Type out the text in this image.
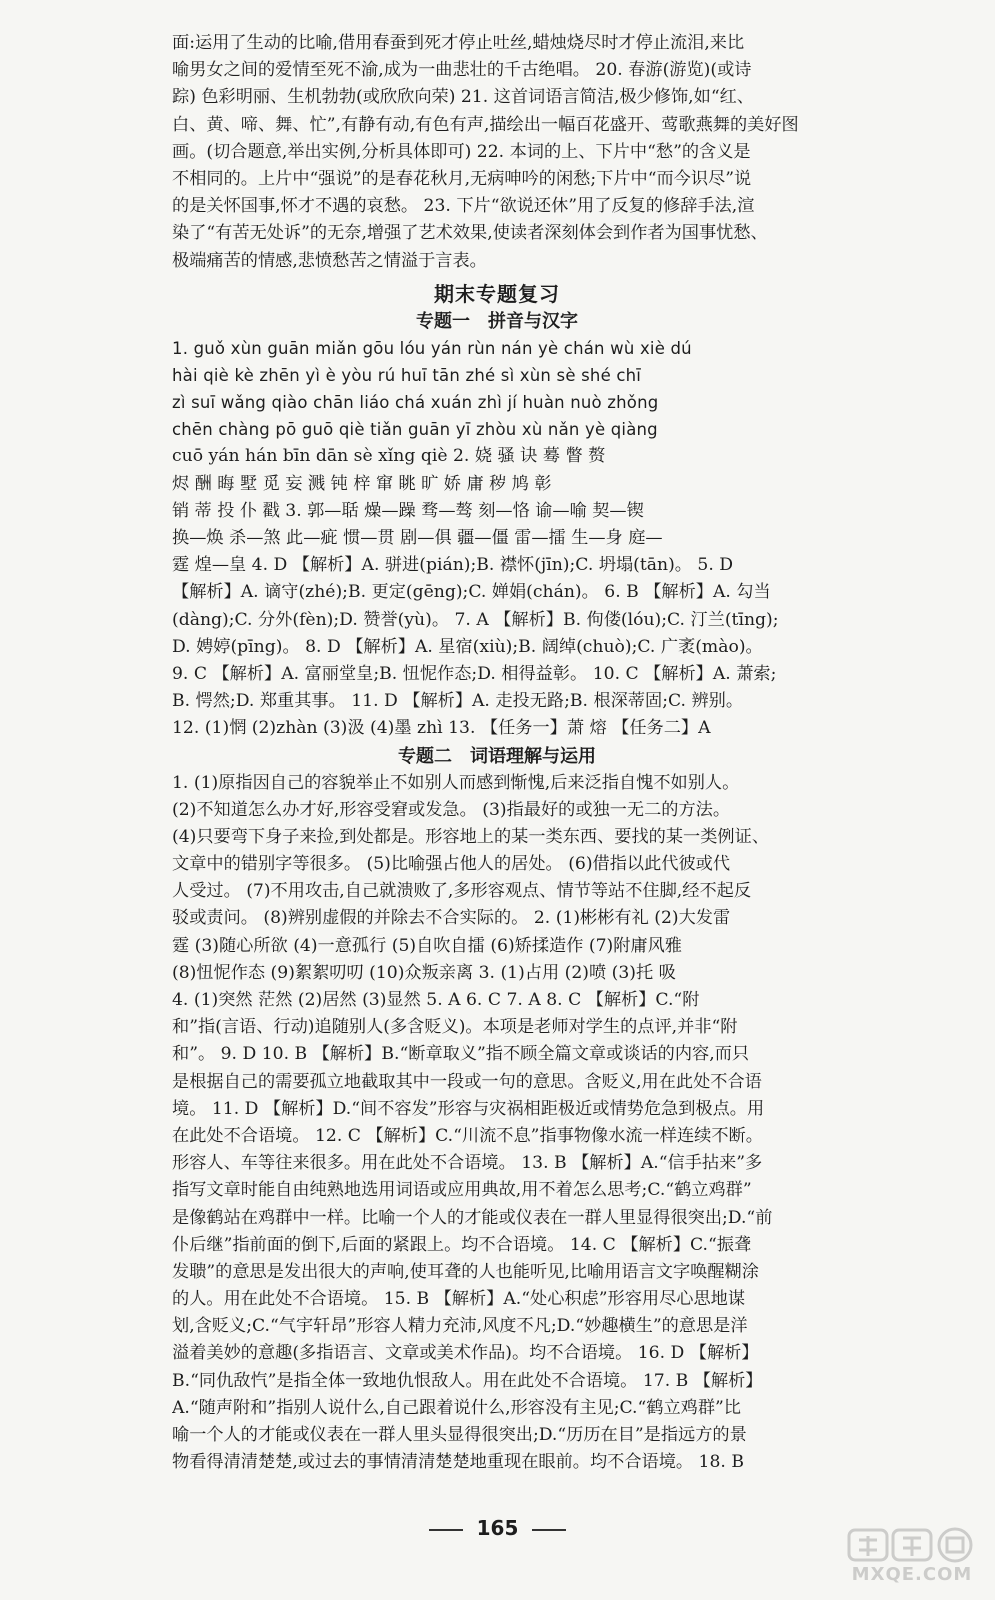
面:运用了生动的比喻,借用春蚕到死才停止吐丝,蜡烛烧尽时才停止流泪,来比
喻男女之间的爱情至死不渝,成为一曲悲壮的千古绝唱。 20. 春游(游览)(或诗
踪) 色彩明丽、生机勃勃(或欣欣向荣) 21. 这首词语言简洁,极少修饰,如“红、
白、黄、啼、舞、忙”,有静有动,有色有声,描绘出一幅百花盛开、莺歌燕舞的美好图
画。(切合题意,举出实例,分析具体即可) 22. 本词的上、下片中“愁”的含义是
不相同的。上片中“强说”的是春花秋月,无病呻吟的闲愁;下片中“而今识尽”说
的是关怀国事,怀才不遇的哀愁。 23. 下片“欲说还休”用了反复的修辞手法,渲
染了“有苦无处诉”的无奈,增强了艺术效果,使读者深刻体会到作者为国事忧愁、
极端痛苦的情感,悲愤愁苦之情溢于言表。
期末专题复习
专题一　拼音与汉字
1. guǒ xùn guān miǎn gōu lóu yán rùn nán yè chán wù xiè dú
hài qiè kè zhēn yì è yòu rú huī tān zhé sì xùn sè shé chī
zì suī wǎng qiào chān liáo chá xuán zhì jí huàn nuò zhǒng
chēn chàng pō guō qiè tiǎn guān yī zhòu xù nǎn yè qiàng
cuō yán hán bīn dān sè xǐng qiè 2. 娆 骚 诀 蓦 瞥 赘
烬 酬 晦 墅 觅 妄 溅 钝 梓 窜 眺 旷 娇 庸 秽 鸠 彰
销 蒂 投 仆 戳 3. 郭—聒 燥—躁 骛—骜 刻—恪 谕—喻 契—锲
换—焕 杀—煞 此—疵 惯—贯 剧—俱 疆—僵 雷—擂 生—身 庭—
霆 煌—皇 4. D 【解析】A. 骈进(pián);B. 襟怀(jīn);C. 坍塌(tān)。 5. D
【解析】A. 谪守(zhé);B. 更定(gēng);C. 婵娟(chán)。 6. B 【解析】A. 勾当
(dàng);C. 分外(fèn);D. 赞誉(yù)。 7. A 【解析】B. 佝偻(lóu);C. 汀兰(tīng);
D. 娉婷(pīng)。 8. D 【解析】A. 星宿(xiù);B. 阔绰(chuò);C. 广袤(mào)。
9. C 【解析】A. 富丽堂皇;B. 忸怩作态;D. 相得益彰。 10. C 【解析】A. 萧索;
B. 愕然;D. 郑重其事。 11. D 【解析】A. 走投无路;B. 根深蒂固;C. 辨别。
12. (1)惘 (2)zhàn (3)汲 (4)墨 zhì 13. 【任务一】萧 熔 【任务二】A
专题二　词语理解与运用
1. (1)原指因自己的容貌举止不如别人而感到惭愧,后来泛指自愧不如别人。
(2)不知道怎么办才好,形容受窘或发急。 (3)指最好的或独一无二的方法。
(4)只要弯下身子来捡,到处都是。形容地上的某一类东西、要找的某一类例证、
文章中的错别字等很多。 (5)比喻强占他人的居处。 (6)借指以此代彼或代
人受过。 (7)不用攻击,自己就溃败了,多形容观点、情节等站不住脚,经不起反
驳或责问。 (8)辨别虚假的并除去不合实际的。 2. (1)彬彬有礼 (2)大发雷
霆 (3)随心所欲 (4)一意孤行 (5)自吹自擂 (6)矫揉造作 (7)附庸风雅
(8)忸怩作态 (9)絮絮叨叨 (10)众叛亲离 3. (1)占用 (2)喷 (3)托 吸
4. (1)突然 茫然 (2)居然 (3)显然 5. A 6. C 7. A 8. C 【解析】C.“附
和”指(言语、行动)追随别人(多含贬义)。本项是老师对学生的点评,并非“附
和”。 9. D 10. B 【解析】B.“断章取义”指不顾全篇文章或谈话的内容,而只
是根据自己的需要孤立地截取其中一段或一句的意思。含贬义,用在此处不合语
境。 11. D 【解析】D.“间不容发”形容与灾祸相距极近或情势危急到极点。用
在此处不合语境。 12. C 【解析】C.“川流不息”指事物像水流一样连续不断。
形容人、车等往来很多。用在此处不合语境。 13. B 【解析】A.“信手拈来”多
指写文章时能自由纯熟地选用词语或应用典故,用不着怎么思考;C.“鹤立鸡群”
是像鹤站在鸡群中一样。比喻一个人的才能或仪表在一群人里显得很突出;D.“前
仆后继”指前面的倒下,后面的紧跟上。均不合语境。 14. C 【解析】C.“振聋
发聩”的意思是发出很大的声响,使耳聋的人也能听见,比喻用语言文字唤醒糊涂
的人。用在此处不合语境。 15. B 【解析】A.“处心积虑”形容用尽心思地谋
划,含贬义;C.“气宇轩昂”形容人精力充沛,风度不凡;D.“妙趣横生”的意思是洋
溢着美妙的意趣(多指语言、文章或美术作品)。均不合语境。 16. D 【解析】
B.“同仇敌忾”是指全体一致地仇恨敌人。用在此处不合语境。 17. B 【解析】
A.“随声附和”指别人说什么,自己跟着说什么,形容没有主见;C.“鹤立鸡群”比
喻一个人的才能或仪表在一群人里头显得很突出;D.“历历在目”是指远方的景
物看得清清楚楚,或过去的事情清清楚楚地重现在眼前。均不合语境。 18. B
165
MXQE.COM
